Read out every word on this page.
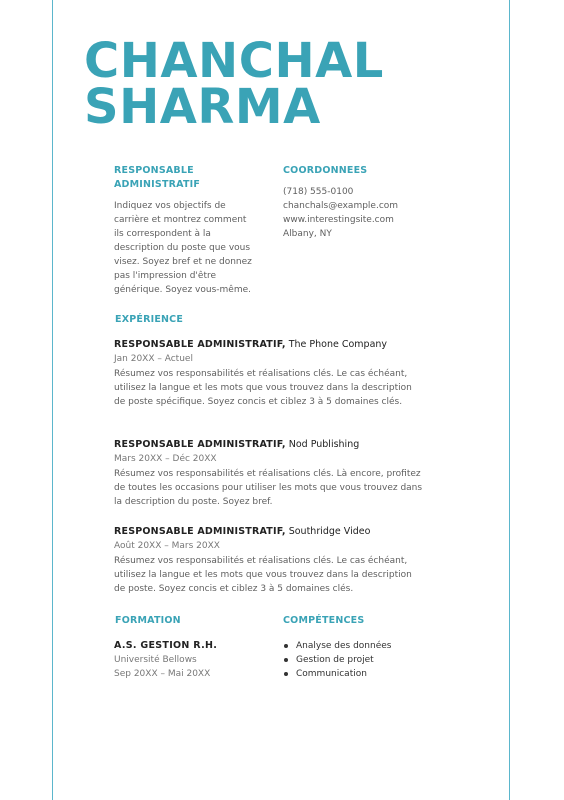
CHANCHAL
SHARMA
RESPONSABLE
ADMINISTRATIF

Indiquez vos objectifs de carrière et montrez comment ils correspondent à la description du poste que vous visez. Soyez bref et ne donnez pas l'impression d'être générique. Soyez vous-même.

COORDONNEES
(718) 555-0100
chanchals@example.com
www.interestingsite.com
Albany, NY
EXPÉRIENCE
RESPONSABLE ADMINISTRATIF, The Phone Company
Jan 20XX – Actuel

Résumez vos responsabilités et réalisations clés. Le cas échéant, utilisez la langue et les mots que vous trouvez dans la description de poste spécifique. Soyez concis et ciblez 3 à 5 domaines clés.

RESPONSABLE ADMINISTRATIF, Nod Publishing
Mars 20XX – Déc 20XX

Résumez vos responsabilités et réalisations clés. Là encore, profitez de toutes les occasions pour utiliser les mots que vous trouvez dans la description du poste. Soyez bref.

RESPONSABLE ADMINISTRATIF, Southridge Video
Août 20XX – Mars 20XX

Résumez vos responsabilités et réalisations clés. Le cas échéant, utilisez la langue et les mots que vous trouvez dans la description de poste. Soyez concis et ciblez 3 à 5 domaines clés.

FORMATION
A.S. GESTION R.H.
Université Bellows
Sep 20XX – Mai 20XX
COMPÉTENCES
Analyse des données
Gestion de projet
Communication
